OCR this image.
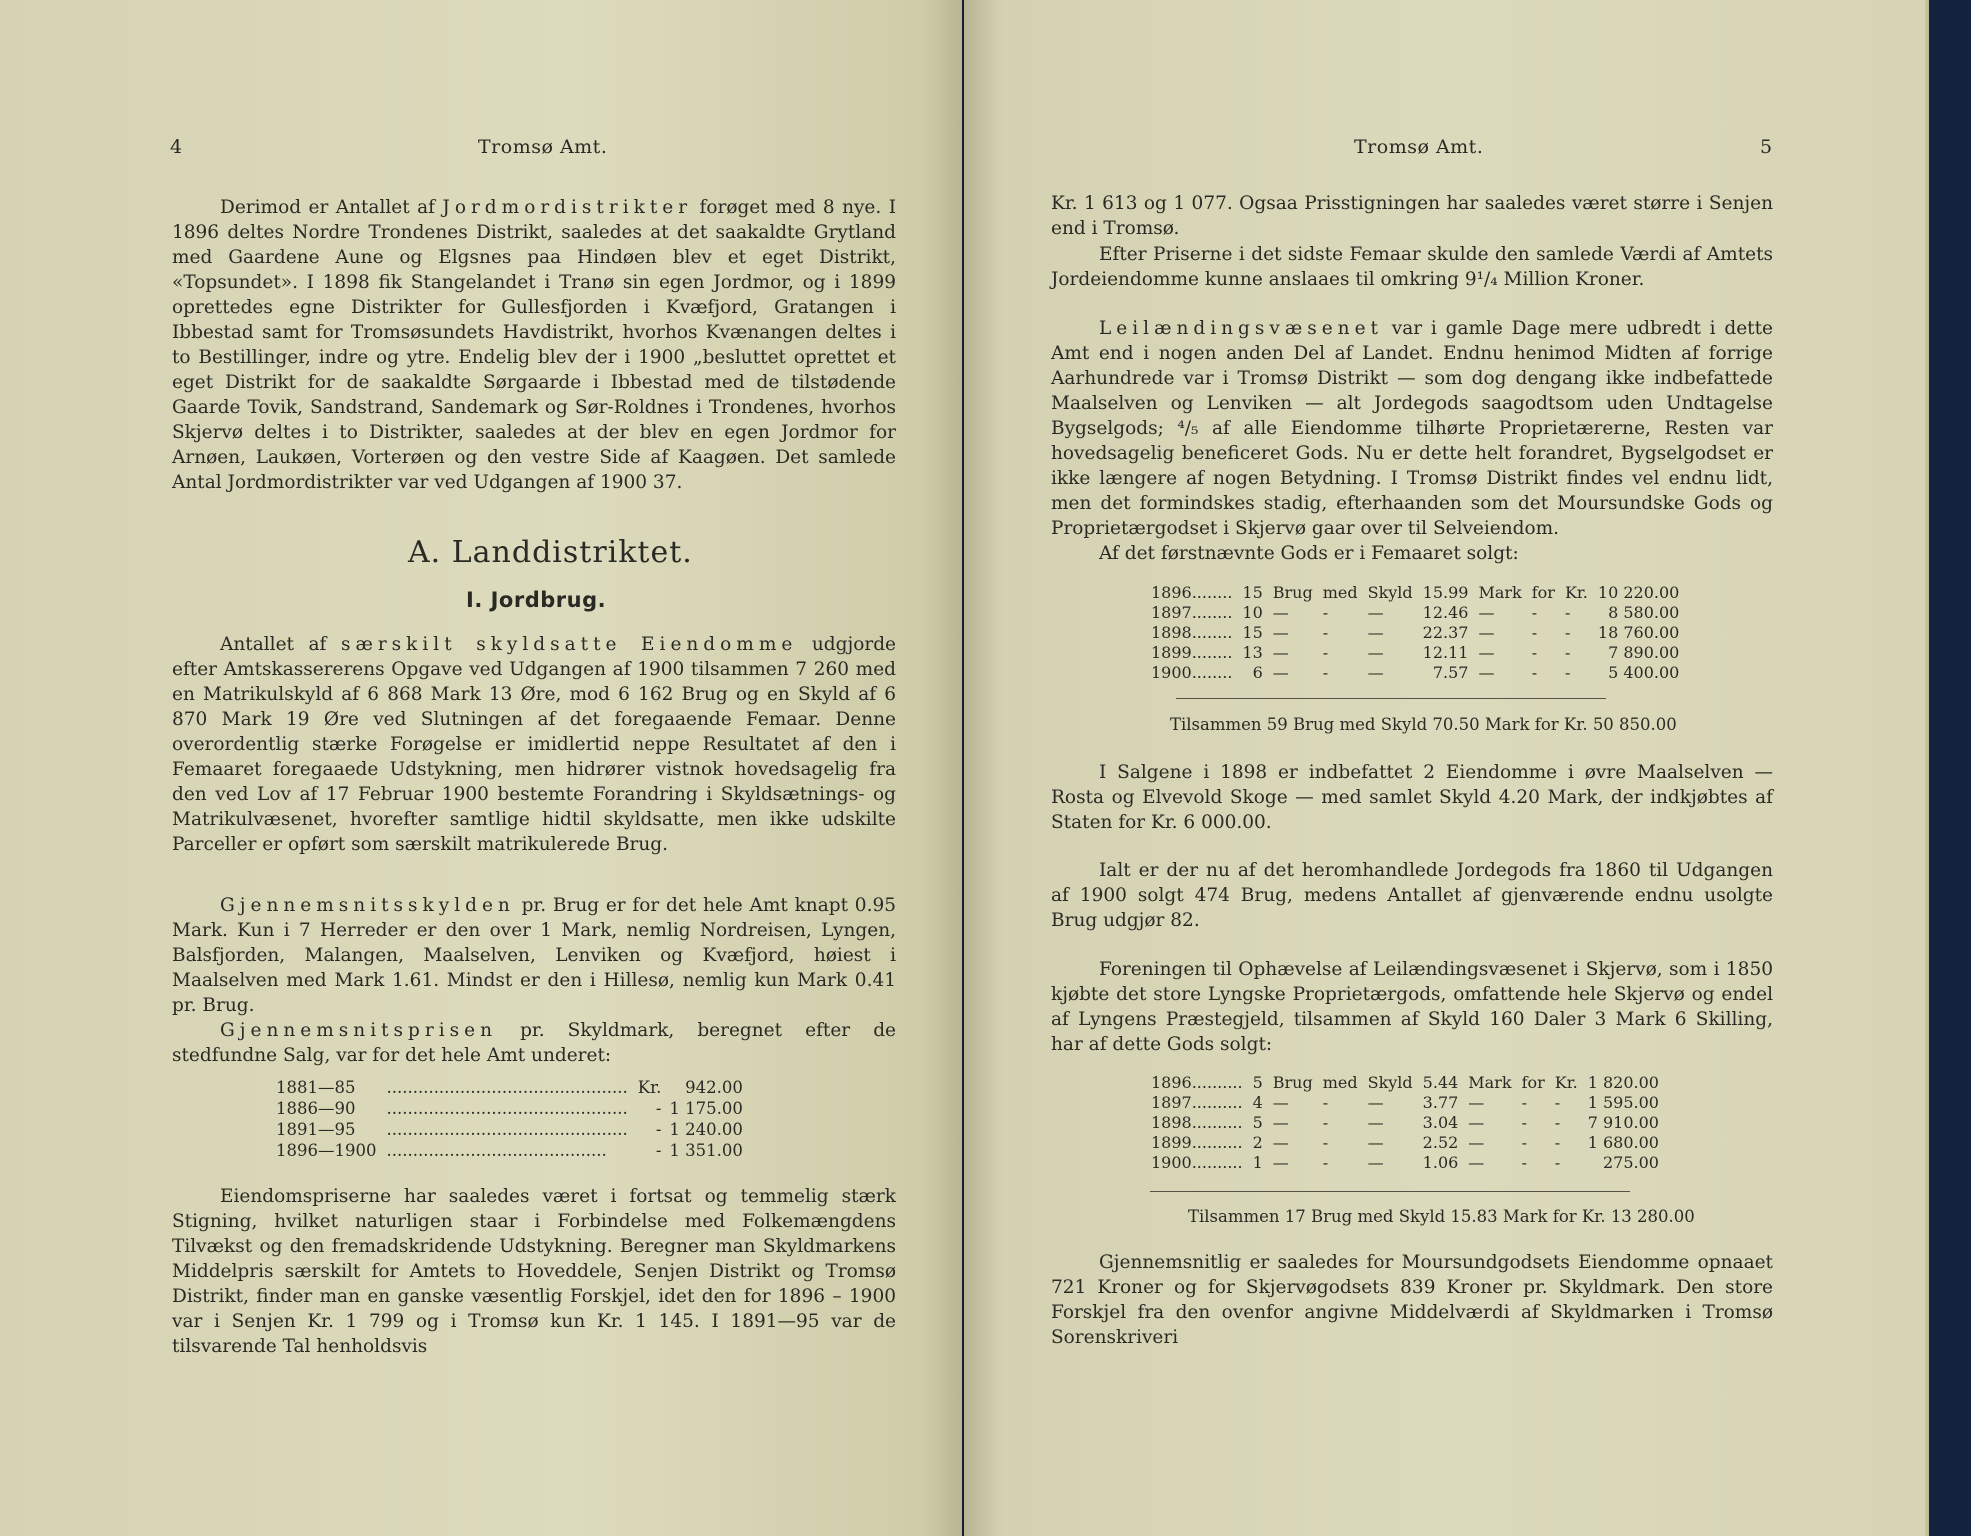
4	Tromsø Amt.

Derimod er Antallet af Jordmordistrikter forøget med 8 nye. I 1896 deltes Nordre Trondenes Distrikt, saaledes at det saakaldte Grytland med Gaardene Aune og Elgsnes paa Hindøen blev et eget Distrikt, «Topsundet». I 1898 fik Stangelandet i Tranø sin egen Jordmor, og i 1899 oprettedes egne Distrikter for Gullesfjorden i Kvæfjord, Gratangen i Ibbestad samt for Tromsøsundets Havdistrikt, hvorhos Kvænangen deltes i to Bestillinger, indre og ytre. Endelig blev der i 1900 „besluttet oprettet et eget Distrikt for de saakaldte Sørgaarde i Ibbestad med de tilstødende Gaarde Tovik, Sandstrand, Sandemark og Sør-Roldnes i Trondenes, hvorhos Skjervø deltes i to Distrikter, saaledes at der blev en egen Jordmor for Arnøen, Laukøen, Vorterøen og den vestre Side af Kaagøen. Det samlede Antal Jordmordistrikter var ved Udgangen af 1900 37.

A. Landdistriktet.
I. Jordbrug.

Antallet af særskilt skyldsatte Eiendomme udgjorde efter Amtskassererens Opgave ved Udgangen af 1900 tilsammen 7 260 med en Matrikulskyld af 6 868 Mark 13 Øre, mod 6 162 Brug og en Skyld af 6 870 Mark 19 Øre ved Slutningen af det foregaaende Femaar. Denne overordentlig stærke Forøgelse er imidlertid neppe Resultatet af den i Femaaret foregaaede Udstykning, men hidrører vistnok hovedsagelig fra den ved Lov af 17 Februar 1900 bestemte Forandring i Skyldsætnings- og Matrikulvæsenet, hvorefter samtlige hidtil skyldsatte, men ikke udskilte Parceller er opført som særskilt matrikulerede Brug.

Gjennemsnitsskylden pr. Brug er for det hele Amt knapt 0.95 Mark. Kun i 7 Herreder er den over 1 Mark, nemlig Nordreisen, Lyngen, Balsfjorden, Malangen, Maalselven, Lenviken og Kvæfjord, høiest i Maalselven med Mark 1.61. Mindst er den i Hillesø, nemlig kun Mark 0.41 pr. Brug.

Gjennemsnitsprisen pr. Skyldmark, beregnet efter de stedfundne Salg, var for det hele Amt underet:

1881—85	..............................................	Kr.	942.00
1886—90	..............................................	-	1 175.00
1891—95	..............................................	-	1 240.00
1896—1900	..........................................	-	1 351.00

Eiendomspriserne har saaledes været i fortsat og temmelig stærk Stigning, hvilket naturligen staar i Forbindelse med Folkemængdens Tilvækst og den fremadskridende Udstykning. Beregner man Skyldmarkens Middelpris særskilt for Amtets to Hoveddele, Senjen Distrikt og Tromsø Distrikt, finder man en ganske væsentlig Forskjel, idet den for 1896 – 1900 var i Senjen Kr. 1 799 og i Tromsø kun Kr. 1 145. I 1891—95 var de tilsvarende Tal henholdsvis

Tromsø Amt.	5

Kr. 1 613 og 1 077. Ogsaa Prisstigningen har saaledes været større i Senjen end i Tromsø.

Efter Priserne i det sidste Femaar skulde den samlede Værdi af Amtets Jordeiendomme kunne anslaaes til omkring 9¹/₄ Million Kroner.

Leilændingsvæsenet var i gamle Dage mere udbredt i dette Amt end i nogen anden Del af Landet. Endnu henimod Midten af forrige Aarhundrede var i Tromsø Distrikt — som dog dengang ikke indbefattede Maalselven og Lenviken — alt Jordegods saagodtsom uden Undtagelse Bygselgods; ⁴/₅ af alle Eiendomme tilhørte Proprietærerne, Resten var hovedsagelig beneficeret Gods. Nu er dette helt forandret, Bygselgodset er ikke længere af nogen Betydning. I Tromsø Distrikt findes vel endnu lidt, men det formindskes stadig, efterhaanden som det Moursundske Gods og Proprietærgodset i Skjervø gaar over til Selveiendom.

Af det førstnævnte Gods er i Femaaret solgt:

1896........	15	Brug	med	Skyld	15.99	Mark	for	Kr.	10 220.00
1897........	10	—	-	—	12.46	—	-	-	8 580.00
1898........	15	—	-	—	22.37	—	-	-	18 760.00
1899........	13	—	-	—	12.11	—	-	-	7 890.00
1900........	6	—	-	—	7.57	—	-	-	5 400.00
Tilsammen 59 Brug med Skyld 70.50 Mark for Kr. 50 850.00

I Salgene i 1898 er indbefattet 2 Eiendomme i øvre Maalselven — Rosta og Elvevold Skoge — med samlet Skyld 4.20 Mark, der indkjøbtes af Staten for Kr. 6 000.00.

Ialt er der nu af det heromhandlede Jordegods fra 1860 til Udgangen af 1900 solgt 474 Brug, medens Antallet af gjenværende endnu usolgte Brug udgjør 82.

Foreningen til Ophævelse af Leilændingsvæsenet i Skjervø, som i 1850 kjøbte det store Lyngske Proprietærgods, omfattende hele Skjervø og endel af Lyngens Præstegjeld, tilsammen af Skyld 160 Daler 3 Mark 6 Skilling, har af dette Gods solgt:

1896..........	5	Brug	med	Skyld	5.44	Mark	for	Kr.	1 820.00
1897..........	4	—	-	—	3.77	—	-	-	1 595.00
1898..........	5	—	-	—	3.04	—	-	-	7 910.00
1899..........	2	—	-	—	2.52	—	-	-	1 680.00
1900..........	1	—	-	—	1.06	—	-	-	275.00
Tilsammen 17 Brug med Skyld 15.83 Mark for Kr. 13 280.00

Gjennemsnitlig er saaledes for Moursundgodsets Eiendomme opnaaet 721 Kroner og for Skjervøgodsets 839 Kroner pr. Skyldmark. Den store Forskjel fra den ovenfor angivne Middelværdi af Skyldmarken i Tromsø Sorenskriveri
